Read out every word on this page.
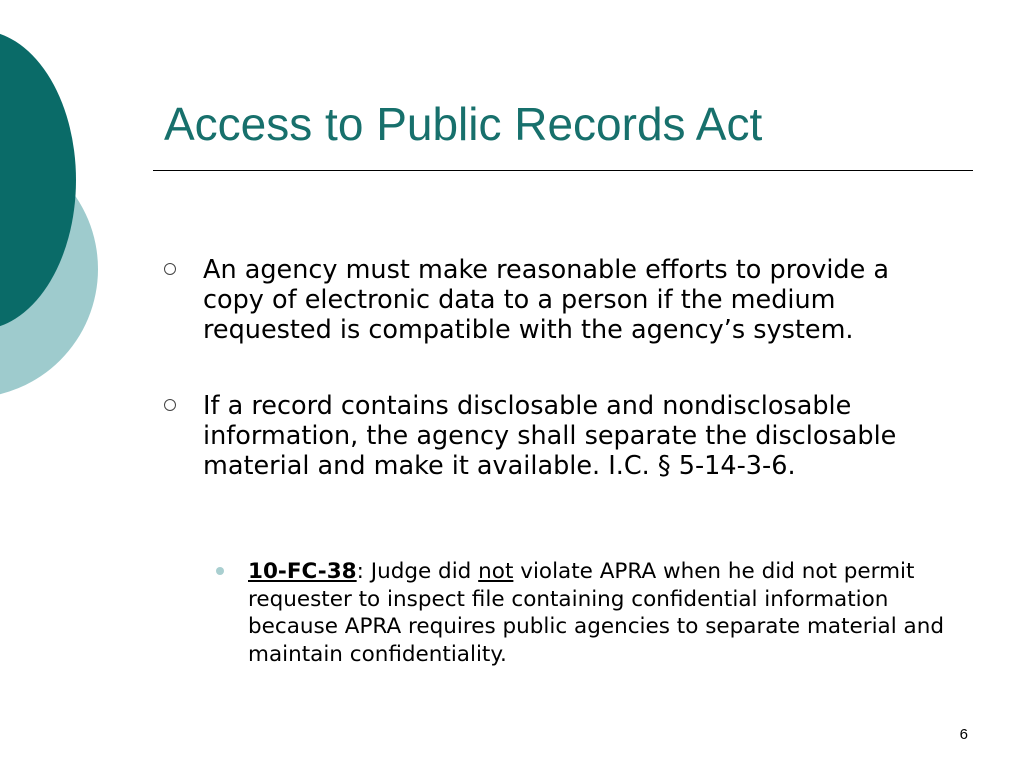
Access to Public Records Act
An agency must make reasonable efforts to provide a copy of electronic data to a person if the medium requested is compatible with the agency’s system.
If a record contains disclosable and nondisclosable information, the agency shall separate the disclosable material and make it available. I.C. § 5-14-3-6.
10-FC-38: Judge did not violate APRA when he did not permit requester to inspect file containing confidential information because APRA requires public agencies to separate material and maintain confidentiality.
6
